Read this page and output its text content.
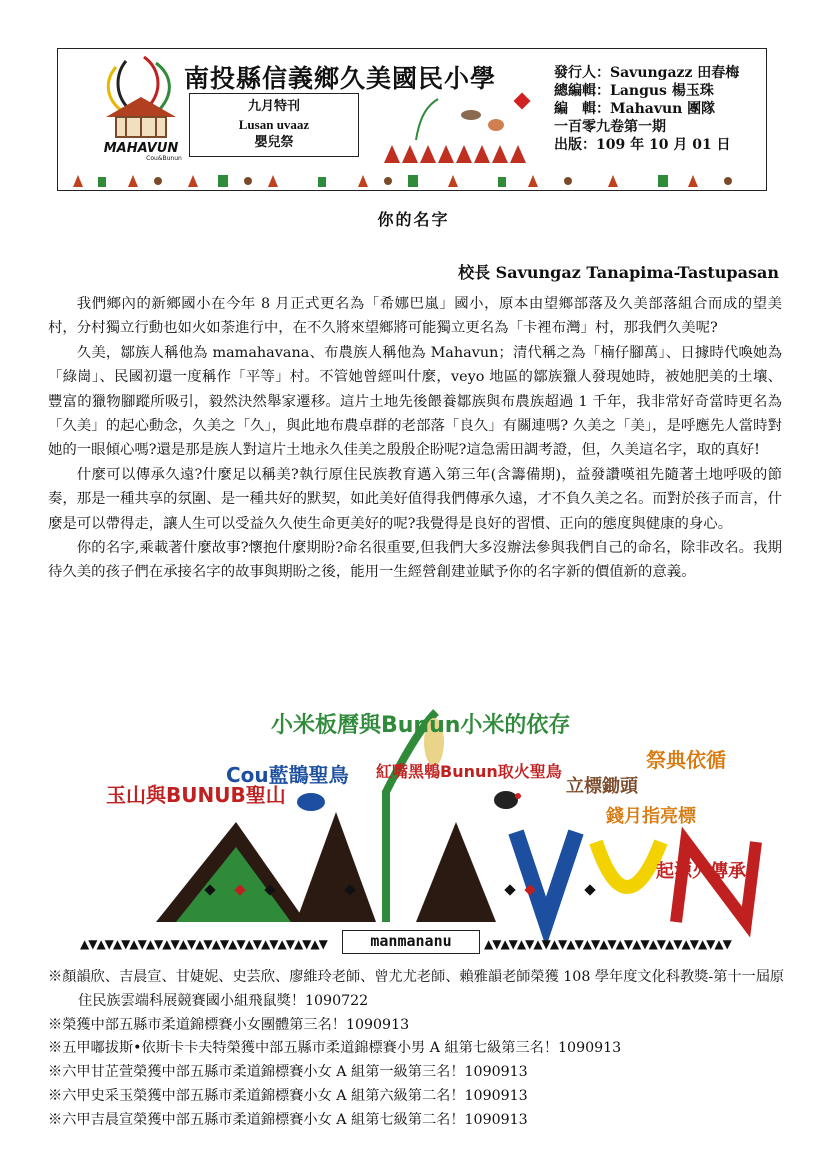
MAHAVUN
Cou&Bunun
南投縣信義鄉久美國民小學
九月特刊
Lusan uvaaz
嬰兒祭
發行人：Savungazz 田春梅
總編輯：Langus 楊玉珠
編　輯：Mahavun 團隊
一百零九卷第一期
出版：109 年 10 月 01 日
你的名字
校長 Savungaz Tanapima-Tastupasan

我們鄉內的新鄉國小在今年 8 月正式更名為「希娜巴嵐」國小，原本由望鄉部落及久美部落組合而成的望美村，分村獨立行動也如火如荼進行中，在不久將來望鄉將可能獨立更名為「卡裡布灣」村，那我們久美呢?

久美，鄒族人稱他為 mamahavana、布農族人稱他為 Mahavun；清代稱之為「楠仔腳萬」、日據時代喚她為「綠崗」、民國初還一度稱作「平等」村。不管她曾經叫什麼，veyo 地區的鄒族獵人發現她時，被她肥美的土壤、豐富的獵物腳蹤所吸引，毅然決然舉家遷移。這片土地先後餵養鄒族與布農族超過 1 千年，我非常好奇當時更名為「久美」的起心動念，久美之「久」，與此地布農卓群的老部落「良久」有關連嗎? 久美之「美」，是呼應先人當時對她的一眼傾心嗎?還是那是族人對這片土地永久佳美之殷殷企盼呢?這急需田調考證，但，久美這名字，取的真好!

什麼可以傳承久遠?什麼足以稱美?執行原住民族教育邁入第三年(含籌備期)，益發讚嘆祖先隨著土地呼吸的節奏，那是一種共享的氛圍、是一種共好的默契，如此美好值得我們傳承久遠，才不負久美之名。而對於孩子而言，什麼是可以帶得走，讓人生可以受益久久使生命更美好的呢?我覺得是良好的習慣、正向的態度與健康的身心。

你的名字,乘載著什麼故事?懷抱什麼期盼?命名很重要,但我們大多沒辦法參與我們自己的命名，除非改名。我期待久美的孩子們在承接名字的故事與期盼之後，能用一生經營創建並賦予你的名字新的價值新的意義。

小米板曆與Bunun小米的依存
玉山與BUNUB聖山
Cou藍鵲聖鳥 紅嘴黑鵯Bunun取火聖鳥
立標鋤頭
錢月指亮標
祭典依循
起源火傳承
▲▼▲▼▲▼▲▼▲▼▲▼▲▼▲▼▲▼▲▼▲▼▲▼▲▼▲▼▲▼	manmananu	▲▼▲▼▲▼▲▼▲▼▲▼▲▼▲▼▲▼▲▼▲▼▲▼▲▼▲▼▲▼
※顏韻欣、吉晨宣、甘婕妮、史芸欣、廖維玲老師、曾尤尤老師、賴雅韻老師榮獲 108 學年度文化科教獎-第十一屆原住民族雲端科展競賽國小組飛鼠獎！1090722
※榮獲中部五縣市柔道錦標賽小女團體第三名！1090913
※五甲嘟拔斯•依斯卡卡夫特榮獲中部五縣市柔道錦標賽小男 A 組第七級第三名！1090913
※六甲甘芷萱榮獲中部五縣市柔道錦標賽小女 A 組第一級第三名！1090913
※六甲史采玉榮獲中部五縣市柔道錦標賽小女 A 組第六級第二名！1090913
※六甲吉晨宣榮獲中部五縣市柔道錦標賽小女 A 組第七級第二名！1090913
